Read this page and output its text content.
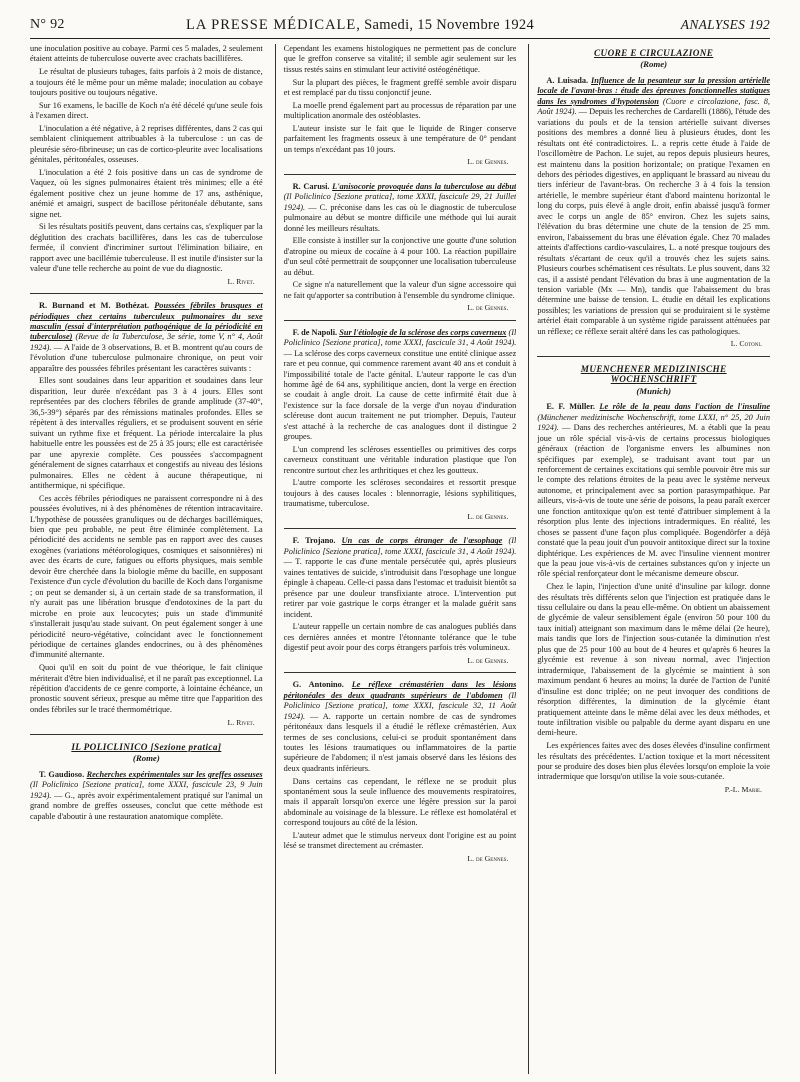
N° 92	LA PRESSE MÉDICALE, Samedi, 15 Novembre 1924	ANALYSES 192

une inoculation positive au cobaye. Parmi ces 5 malades, 2 seulement étaient atteints de tuberculose ouverte avec crachats bacillifères.

Le résultat de plusieurs tubages, faits parfois à 2 mois de distance, a toujours été le même pour un même malade; inoculation au cobaye toujours positive ou toujours négative.

Sur 16 examens, le bacille de Koch n'a été décelé qu'une seule fois à l'examen direct.

L'inoculation a été négative, à 2 reprises différentes, dans 2 cas qui semblaient cliniquement attribuables à la tuberculose : un cas de pleurésie séro-fibrineuse; un cas de cortico-pleurite avec localisations génitales, péritonéales, osseuses.

L'inoculation a été 2 fois positive dans un cas de syndrome de Vaquez, où les signes pulmonaires étaient très minimes; elle a été également positive chez un jeune homme de 17 ans, asthénique, anémié et amaigri, suspect de bacillose péritonéale débutante, sans signe net.

Si les résultats positifs peuvent, dans certains cas, s'expliquer par la déglutition des crachats bacillifères, dans les cas de tuberculose fermée, il convient d'incriminer surtout l'élimination biliaire, en rapport avec une bacillémie tuberculeuse. Il est inutile d'insister sur la valeur d'une telle recherche au point de vue du diagnostic.

L. Rivet.

R. Burnand et M. Bothézat. Poussées fébriles brusques et périodiques chez certains tuberculeux pulmonaires du sexe masculin (essai d'interprétation pathogénique de la périodicité en tuberculose) (Revue de la Tuberculose, 3e série, tome V, n° 4, Août 1924). — A l'aide de 3 observations, B. et B. montrent qu'au cours de l'évolution d'une tuberculose pulmonaire chronique, on peut voir apparaître des poussées fébriles présentant les caractères suivants :

Elles sont soudaines dans leur apparition et soudaines dans leur disparition, leur durée n'excédant pas 3 à 4 jours. Elles sont représentées par des clochers fébriles de grande amplitude (37-40°, 36,5-39°) séparés par des rémissions matinales profondes. Elles se répètent à des intervalles réguliers, et se produisent souvent en série suivant un rythme fixe et fréquent. La période intercalaire la plus habituelle entre les poussées est de 25 à 35 jours; elle est caractérisée par une apyrexie complète. Ces poussées s'accompagnent généralement de signes catarrhaux et congestifs au niveau des lésions pulmonaires. Elles ne cèdent à aucune thérapeutique, ni antithermique, ni spécifique.

Ces accès fébriles périodiques ne paraissent correspondre ni à des poussées évolutives, ni à des phénomènes de rétention intracavitaire. L'hypothèse de poussées granuliques ou de décharges bacillémiques, bien que peu probable, ne peut être éliminée complètement. La périodicité des accidents ne semble pas en rapport avec des causes exogènes (variations météorologiques, cosmiques et saisonnières) ni avec des écarts de cure, fatigues ou efforts physiques, mais semble devoir être cherchée dans la biologie même du bacille, en supposant l'existence d'un cycle d'évolution du bacille de Koch dans l'organisme ; on peut se demander si, à un certain stade de sa transformation, il n'y aurait pas une libération brusque d'endotoxines de la part du microbe en proie aux leucocytes; puis un stade d'immunité s'installerait jusqu'au stade suivant. On peut également songer à une périodicité neuro-végétative, coïncidant avec le fonctionnement périodique de certaines glandes endocrines, ou à des phénomènes d'immunité alternante.

Quoi qu'il en soit du point de vue théorique, le fait clinique mériterait d'être bien individualisé, et il ne paraît pas exceptionnel. La répétition d'accidents de ce genre comporte, à lointaine échéance, un pronostic souvent sérieux, presque au même titre que l'apparition des ondes fébriles sur le tracé thermométrique.

L. Rivet.
IL POLICLINICO [Sezione pratica]
(Rome)

T. Gaudioso. Recherches expérimentales sur les greffes osseuses (Il Policlinico [Sezione pratica], tome XXXI, fascicule 23, 9 Juin 1924). — G., après avoir expérimentalement pratiqué sur l'animal un grand nombre de greffes osseuses, conclut que cette méthode est capable d'aboutir à une restauration anatomique complète.

Cependant les examens histologiques ne permettent pas de conclure que le greffon conserve sa vitalité; il semble agir seulement sur les tissus restés sains en stimulant leur activité ostéogénétique.

Sur la plupart des pièces, le fragment greffé semble avoir disparu et est remplacé par du tissu conjonctif jeune.

La moelle prend également part au processus de réparation par une multiplication anormale des ostéoblastes.

L'auteur insiste sur le fait que le liquide de Ringer conserve parfaitement les fragments osseux à une température de 0° pendant un temps n'excédant pas 10 jours.

L. de Gennes.

R. Carusi. L'anisocorie provoquée dans la tuberculose au début (Il Policlinico [Sezione pratica], tome XXXI, fascicule 29, 21 Juillet 1924). — C. préconise dans les cas où le diagnostic de tuberculose pulmonaire au début se montre difficile une méthode qui lui aurait donné les meilleurs résultats.

Elle consiste à instiller sur la conjonctive une goutte d'une solution d'atropine ou mieux de cocaïne à 4 pour 100. La réaction pupillaire d'un seul côté permettrait de soupçonner une localisation tuberculeuse au début.

Ce signe n'a naturellement que la valeur d'un signe accessoire qui ne fait qu'apporter sa contribution à l'ensemble du syndrome clinique.

L. de Gennes.

F. de Napoli. Sur l'étiologie de la sclérose des corps caverneux (Il Policlinico [Sezione pratica], tome XXXI, fascicule 31, 4 Août 1924). — La sclérose des corps caverneux constitue une entité clinique assez rare et peu connue, qui commence rarement avant 40 ans et conduit à l'impossibilité totale de l'acte génital. L'auteur rapporte le cas d'un homme âgé de 64 ans, syphilitique ancien, dont la verge en érection se coudait à angle droit. La cause de cette infirmité était due à l'existence sur la face dorsale de la verge d'un noyau d'induration scléreuse dont aucun traitement ne put triompher. Depuis, l'auteur s'est attaché à la recherche de cas analogues dont il distingue 2 groupes.

L'un comprend les scléroses essentielles ou primitives des corps caverneux constituant une véritable induration plastique que l'on rencontre surtout chez les arthritiques et chez les goutteux.

L'autre comporte les scléroses secondaires et ressortit presque toujours à des causes locales : blennorragie, lésions syphilitiques, traumatisme, tuberculose.

L. de Gennes.

F. Trojano. Un cas de corps étranger de l'œsophage (Il Policlinico [Sezione pratica], tome XXXI, fascicule 31, 4 Août 1924). — T. rapporte le cas d'une mentale persécutée qui, après plusieurs vaines tentatives de suicide, s'introduisit dans l'œsophage une longue épingle à chapeau. Celle-ci passa dans l'estomac et traduisit bientôt sa présence par une douleur transfixiante atroce. L'intervention put retirer par voie gastrique le corps étranger et la malade guérit sans incident.

L'auteur rappelle un certain nombre de cas analogues publiés dans ces dernières années et montre l'étonnante tolérance que le tube digestif peut avoir pour des corps étrangers parfois très volumineux.

L. de Gennes.

G. Antonino. Le réflexe crémastérien dans les lésions péritonéales des deux quadrants supérieurs de l'abdomen (Il Policlinico [Sezione pratica], tome XXXI, fascicule 32, 11 Août 1924). — A. rapporte un certain nombre de cas de syndromes péritonéaux dans lesquels il a étudié le réflexe crémastérien. Aux termes de ses conclusions, celui-ci se produit spontanément dans toutes les lésions traumatiques ou inflammatoires de la partie supérieure de l'abdomen; il n'est jamais observé dans les lésions des deux quadrants inférieurs.

Dans certains cas cependant, le réflexe ne se produit plus spontanément sous la seule influence des mouvements respiratoires, mais il apparaît lorsqu'on exerce une légère pression sur la paroi abdominale au voisinage de la blessure. Le réflexe est homolatéral et correspond toujours au côté de la lésion.

L'auteur admet que le stimulus nerveux dont l'origine est au point lésé se transmet directement au crémaster.

L. de Gennes.
CUORE E CIRCULAZIONE
(Rome)

A. Luisada. Influence de la pesanteur sur la pression artérielle locale de l'avant-bras : étude des épreuves fonctionnelles statiques dans les syndromes d'hypotension (Cuore e circolazione, fasc. 8, Août 1924). — Depuis les recherches de Cardarelli (1886), l'étude des variations du pouls et de la tension artérielle suivant diverses positions des membres a donné lieu à plusieurs études, dont les résultats ont été contradictoires. L. a repris cette étude à l'aide de l'oscillomètre de Pachon. Le sujet, au repos depuis plusieurs heures, est maintenu dans la position horizontale; on pratique l'examen en dehors des périodes digestives, en appliquant le brassard au niveau du tiers inférieur de l'avant-bras. On recherche 3 à 4 fois la tension artérielle, le membre supérieur étant d'abord maintenu horizontal le long du corps, puis élevé à angle droit, enfin abaissé jusqu'à former avec le corps un angle de 85° environ. Chez les sujets sains, l'élévation du bras détermine une chute de la tension de 25 mm. environ, l'abaissement du bras une élévation égale. Chez 70 malades atteints d'affections cardio-vasculaires, L. a noté presque toujours des résultats s'écartant de ceux qu'il a trouvés chez les sujets sains. Plusieurs courbes schématisent ces résultats. Le plus souvent, dans 32 cas, il a assisté pendant l'élévation du bras à une augmentation de la tension variable (Mx — Mn), tandis que l'abaissement du bras détermine une baisse de tension. L. étudie en détail les explications possibles; les variations de pression qui se produiraient si le système artériel était comparable à un système rigide paraissent atténuées par un réflexe; ce réflexe serait altéré dans les cas pathologiques.

L. Cotoni.
MUENCHENER MEDIZINISCHE WOCHENSCHRIFT
(Munich)

E. F. Müller. Le rôle de la peau dans l'action de l'insuline (Münchener medizinische Wochenschrift, tome LXXI, n° 25, 20 Juin 1924). — Dans des recherches antérieures, M. a établi que la peau joue un rôle spécial vis-à-vis de certains processus biologiques généraux (réaction de l'organisme envers les albumines non spécifiques par exemple), se traduisant avant tout par un renforcement de certaines excitations qui semble pouvoir être mis sur le compte des relations étroites de la peau avec le système nerveux autonome, et principalement avec sa portion parasympathique. Par ailleurs, vis-à-vis de toute une série de poisons, la peau paraît exercer une fonction antitoxique qu'on est tenté d'attribuer simplement à la résorption plus lente des injections intradermiques. En réalité, les choses se passent d'une façon plus compliquée. Bogendörfer a déjà constaté que la peau jouit d'un pouvoir antitoxique direct sur la toxine diphtérique. Les expériences de M. avec l'insuline viennent montrer que la peau joue vis-à-vis de certaines substances qu'on y injecte un rôle spécial renforçateur dont le mécanisme demeure obscur.

Chez le lapin, l'injection d'une unité d'insuline par kilogr. donne des résultats très différents selon que l'injection est pratiquée dans le tissu cellulaire ou dans la peau elle-même. On obtient un abaissement de glycémie de valeur sensiblement égale (environ 50 pour 100 du taux initial) atteignant son maximum dans le même délai (2e heure), mais tandis que lors de l'injection sous-cutanée la diminution n'est plus que de 25 pour 100 au bout de 4 heures et qu'après 6 heures la glycémie est revenue à son niveau normal, avec l'injection intradermique, l'abaissement de la glycémie se maintient à son maximum pendant 6 heures au moins; la durée de l'action de l'unité d'insuline est donc triplée; on ne peut invoquer des conditions de résorption différentes, la diminution de la glycémie étant pratiquement atteinte dans le même délai avec les deux méthodes, et toute infiltration visible ou palpable du derme ayant disparu en une demi-heure.

Les expériences faites avec des doses élevées d'insuline confirment les résultats des précédentes. L'action toxique et la mort nécessitent pour se produire des doses bien plus élevées lorsqu'on emploie la voie intradermique que lorsqu'on utilise la voie sous-cutanée.

P.-L. Marie.
